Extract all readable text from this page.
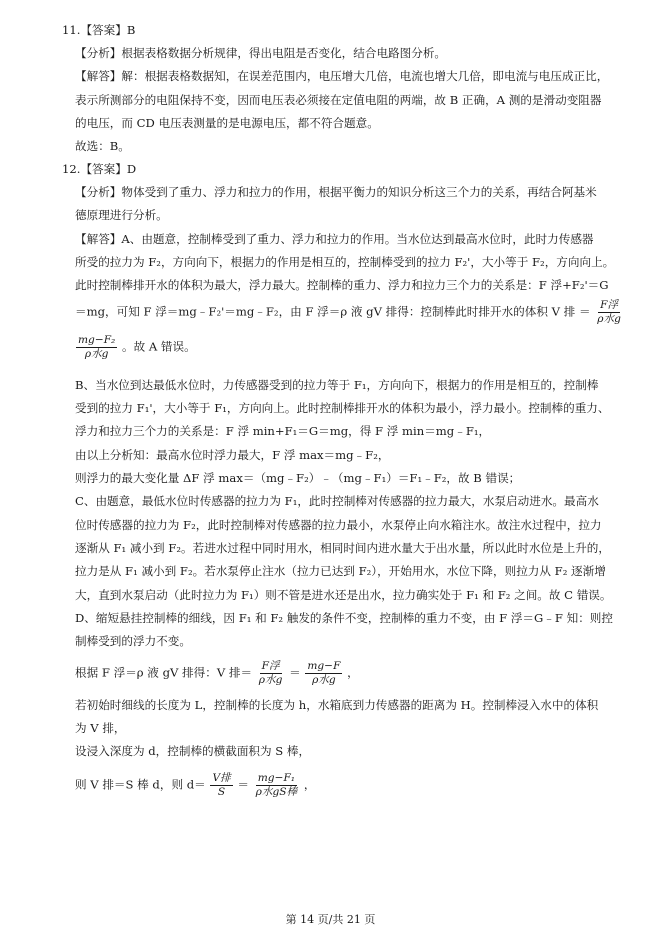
11.【答案】B
【分析】根据表格数据分析规律，得出电阻是否变化，结合电路图分析。
【解答】解：根据表格数据知，在误差范围内，电压增大几倍，电流也增大几倍，即电流与电压成正比，
表示所测部分的电阻保持不变，因而电压表必须接在定值电阻的两端，故 B 正确，A 测的是滑动变阻器
的电压，而 CD 电压表测量的是电源电压，都不符合题意。
故选：B。
12.【答案】D
【分析】物体受到了重力、浮力和拉力的作用，根据平衡力的知识分析这三个力的关系，再结合阿基米
德原理进行分析。
【解答】A、由题意，控制棒受到了重力、浮力和拉力的作用。当水位达到最高水位时，此时力传感器
所受的拉力为 F₂，方向向下，根据力的作用是相互的，控制棒受到的拉力 F₂'，大小等于 F₂，方向向上。
此时控制棒排开水的体积为最大，浮力最大。控制棒的重力、浮力和拉力三个力的关系是：F 浮+F₂'＝G
＝mg，可知 F 浮＝mg﹣F₂'＝mg﹣F₂，由 F 浮＝ρ 液 gV 排得：控制棒此时排开水的体积 V 排 ＝ $\frac{\text{F浮}}{\text{ρ水g}}$
$\frac{\text{mg−F₂}}{\text{ρ水g}}$ 。故 A 错误。
B、当水位到达最低水位时，力传感器受到的拉力等于 F₁，方向向下，根据力的作用是相互的，控制棒
受到的拉力 F₁'，大小等于 F₁，方向向上。此时控制棒排开水的体积为最小，浮力最小。控制棒的重力、
浮力和拉力三个力的关系是：F 浮 min+F₁＝G＝mg，得 F 浮 min＝mg﹣F₁，
由以上分析知：最高水位时浮力最大，F 浮 max＝mg﹣F₂，
则浮力的最大变化量 ΔF 浮 max＝（mg﹣F₂）﹣（mg﹣F₁）＝F₁﹣F₂，故 B 错误；
C、由题意，最低水位时传感器的拉力为 F₁，此时控制棒对传感器的拉力最大，水泵启动进水。最高水
位时传感器的拉力为 F₂，此时控制棒对传感器的拉力最小，水泵停止向水箱注水。故注水过程中，拉力
逐渐从 F₁ 减小到 F₂。若进水过程中同时用水，相同时间内进水量大于出水量，所以此时水位是上升的，
拉力是从 F₁ 减小到 F₂。若水泵停止注水（拉力已达到 F₂），开始用水，水位下降，则拉力从 F₂ 逐渐增
大，直到水泵启动（此时拉力为 F₁）则不管是进水还是出水，拉力确实处于 F₁ 和 F₂ 之间。故 C 错误。
D、缩短悬挂控制棒的细线，因 F₁ 和 F₂ 触发的条件不变，控制棒的重力不变，由 F 浮＝G﹣F 知：则控
制棒受到的浮力不变。
根据 F 浮＝ρ 液 gV 排得：V 排＝ $\frac{\text{F浮}}{\text{ρ水g}} = \frac{mg-F}{\text{ρ水g}}$ ，
若初始时细线的长度为 L，控制棒的长度为 h，水箱底到力传感器的距离为 H。控制棒浸入水中的体积
为 V 排，
设浸入深度为 d，控制棒的横截面积为 S 棒，
则 V 排＝S 棒 d，则 $d= \frac{\text{V排}}{S} = \frac{\text{mg−F₁}}{\text{ρ水gS棒}}$ ，
第 14 页/共 21 页
